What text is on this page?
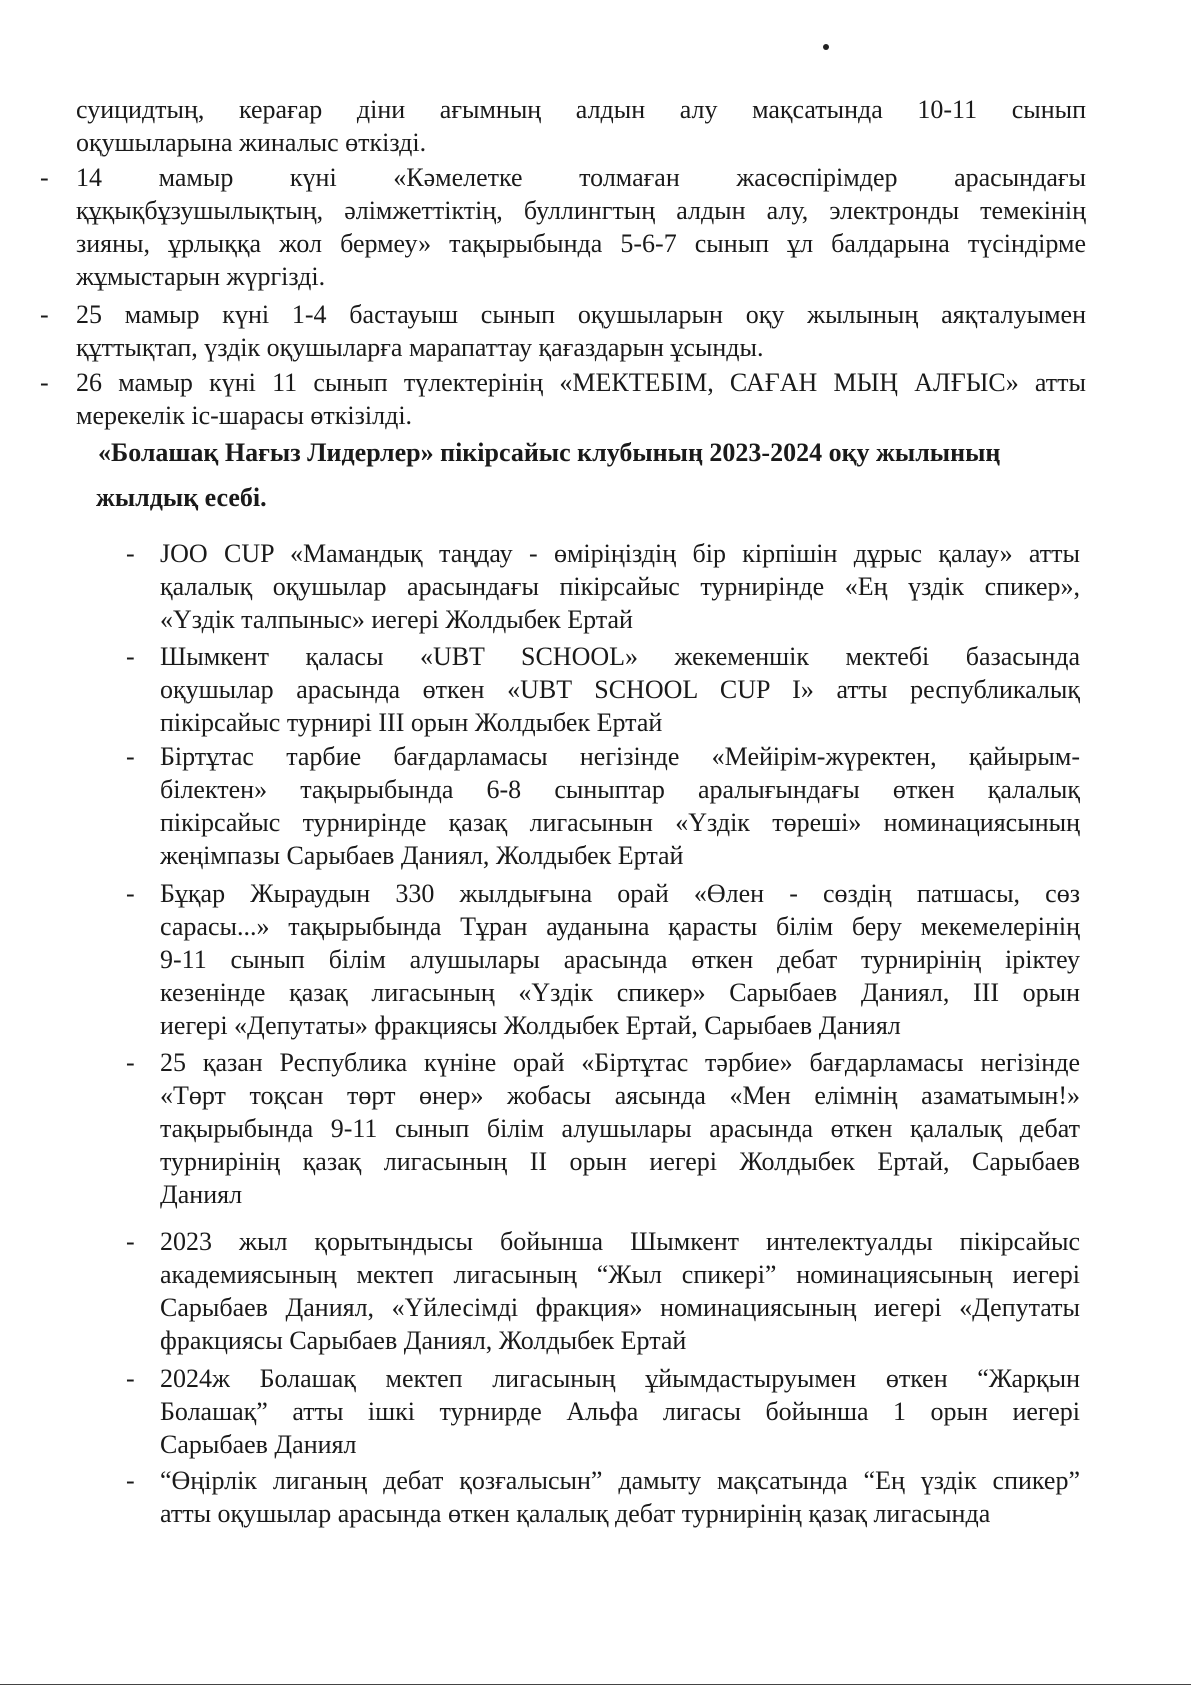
суицидтың, керағар діни ағымның алдын алу мақсатында 10-11 сынып
оқушыларына жиналыс өткізді.
- 14 мамыр күні «Кәмелетке толмаған жасөспірімдер арасындағы
құқықбұзушылықтың, әлімжеттіктің, буллингтың алдын алу, электронды темекінің
зияны, ұрлыққа жол бермеу» тақырыбында 5-6-7 сынып ұл балдарына түсіндірме
жұмыстарын жүргізді.
- 25 мамыр күні 1-4 бастауыш сынып оқушыларын оқу жылының аяқталуымен
құттықтап, үздік оқушыларға марапаттау қағаздарын ұсынды.
- 26 мамыр күні 11 сынып түлектерінің «МЕКТЕБІМ, САҒАН МЫҢ АЛҒЫС» атты
мерекелік іс-шарасы өткізілді.
«Болашақ Нағыз Лидерлер» пікірсайыс клубының 2023-2024 оқу жылының
жылдық есебі.
- JOO CUP «Мамандық таңдау - өміріңіздің бір кірпішін дұрыс қалау» атты
қалалық оқушылар арасындағы пікірсайыс турнирінде «Ең үздік спикер»,
«Үздік талпыныс» иегері Жолдыбек Ертай
- Шымкент қаласы «UBT SCHOOL» жекеменшік мектебі базасында
оқушылар арасында өткен «UBT SCHOOL CUP I» атты республикалық
пікірсайыс турнирі III орын Жолдыбек Ертай
- Біртұтас тарбие бағдарламасы негізінде «Мейірім-жүректен, қайырым-
білектен» тақырыбында 6-8 сыныптар аралығындағы өткен қалалық
пікірсайыс турнирінде қазақ лигасынын «Үздік төреші» номинациясының
жеңімпазы Сарыбаев Даниял, Жолдыбек Ертай
- Бұқар Жыраудын 330 жылдығына орай «Өлен - сөздің патшасы, сөз
сарасы...» тақырыбында Тұран ауданына қарасты білім беру мекемелерінің
9-11 сынып білім алушылары арасында өткен дебат турнирінің іріктеу
кезенінде қазақ лигасының «Үздік спикер» Сарыбаев Даниял, III орын
иегері «Депутаты» фракциясы Жолдыбек Ертай, Сарыбаев Даниял
- 25 қазан Республика күніне орай «Біртұтас тәрбие» бағдарламасы негізінде
«Төрт тоқсан төрт өнер» жобасы аясында «Мен елімнің азаматымын!»
тақырыбында 9-11 сынып білім алушылары арасында өткен қалалық дебат
турнирінің қазақ лигасының II орын иегері Жолдыбек Ертай, Сарыбаев
Даниял
- 2023 жыл қорытындысы бойынша Шымкент интелектуалды пікірсайыс
академиясының мектеп лигасының “Жыл спикері” номинациясының иегері
Сарыбаев Даниял, «Үйлесімді фракция» номинациясының иегері «Депутаты
фракциясы Сарыбаев Даниял, Жолдыбек Ертай
- 2024ж Болашақ мектеп лигасының ұйымдастыруымен өткен “Жарқын
Болашақ” атты ішкі турнирде Альфа лигасы бойынша 1 орын иегері
Сарыбаев Даниял
- “Өңірлік лиганың дебат қозғалысын” дамыту мақсатында “Ең үздік спикер”
атты оқушылар арасында өткен қалалық дебат турнирінің қазақ лигасында
